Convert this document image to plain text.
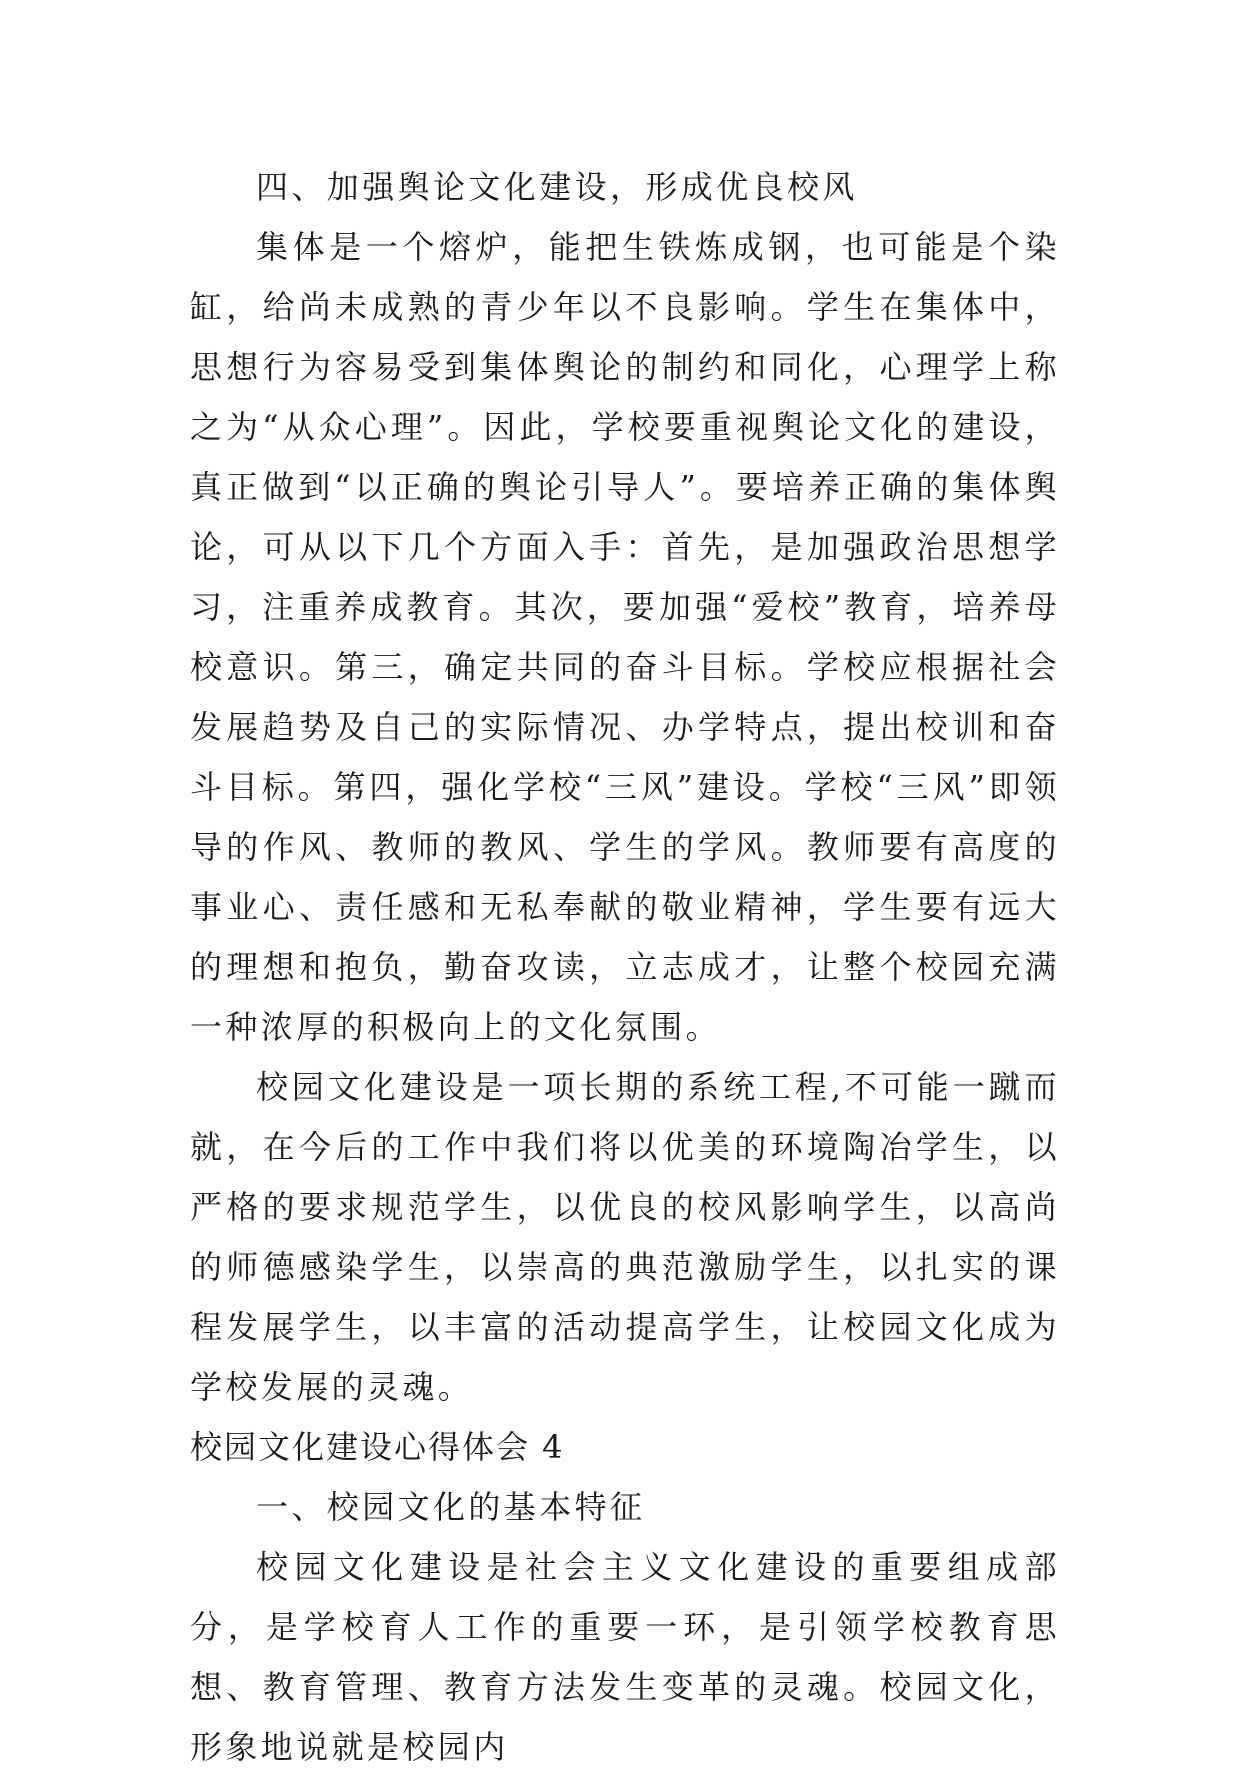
四、加强舆论文化建设，形成优良校风

集体是一个熔炉，能把生铁炼成钢，也可能是个染缸，给尚未成熟的青少年以不良影响。学生在集体中，思想行为容易受到集体舆论的制约和同化，心理学上称之为“从众心理”。因此，学校要重视舆论文化的建设，真正做到“以正确的舆论引导人”。要培养正确的集体舆论，可从以下几个方面入手：首先，是加强政治思想学习，注重养成教育。其次，要加强“爱校”教育，培养母校意识。第三，确定共同的奋斗目标。学校应根据社会发展趋势及自己的实际情况、办学特点，提出校训和奋斗目标。第四，强化学校“三风”建设。学校“三风”即领导的作风、教师的教风、学生的学风。教师要有高度的事业心、责任感和无私奉献的敬业精神，学生要有远大的理想和抱负，勤奋攻读，立志成才，让整个校园充满一种浓厚的积极向上的文化氛围。

校园文化建设是一项长期的系统工程,不可能一蹴而就，在今后的工作中我们将以优美的环境陶冶学生，以严格的要求规范学生，以优良的校风影响学生，以高尚的师德感染学生，以崇高的典范激励学生，以扎实的课程发展学生，以丰富的活动提高学生，让校园文化成为学校发展的灵魂。

校园文化建设心得体会 4

一、校园文化的基本特征

校园文化建设是社会主义文化建设的重要组成部分，是学校育人工作的重要一环，是引领学校教育思想、教育管理、教育方法发生变革的灵魂。校园文化，形象地说就是校园内
